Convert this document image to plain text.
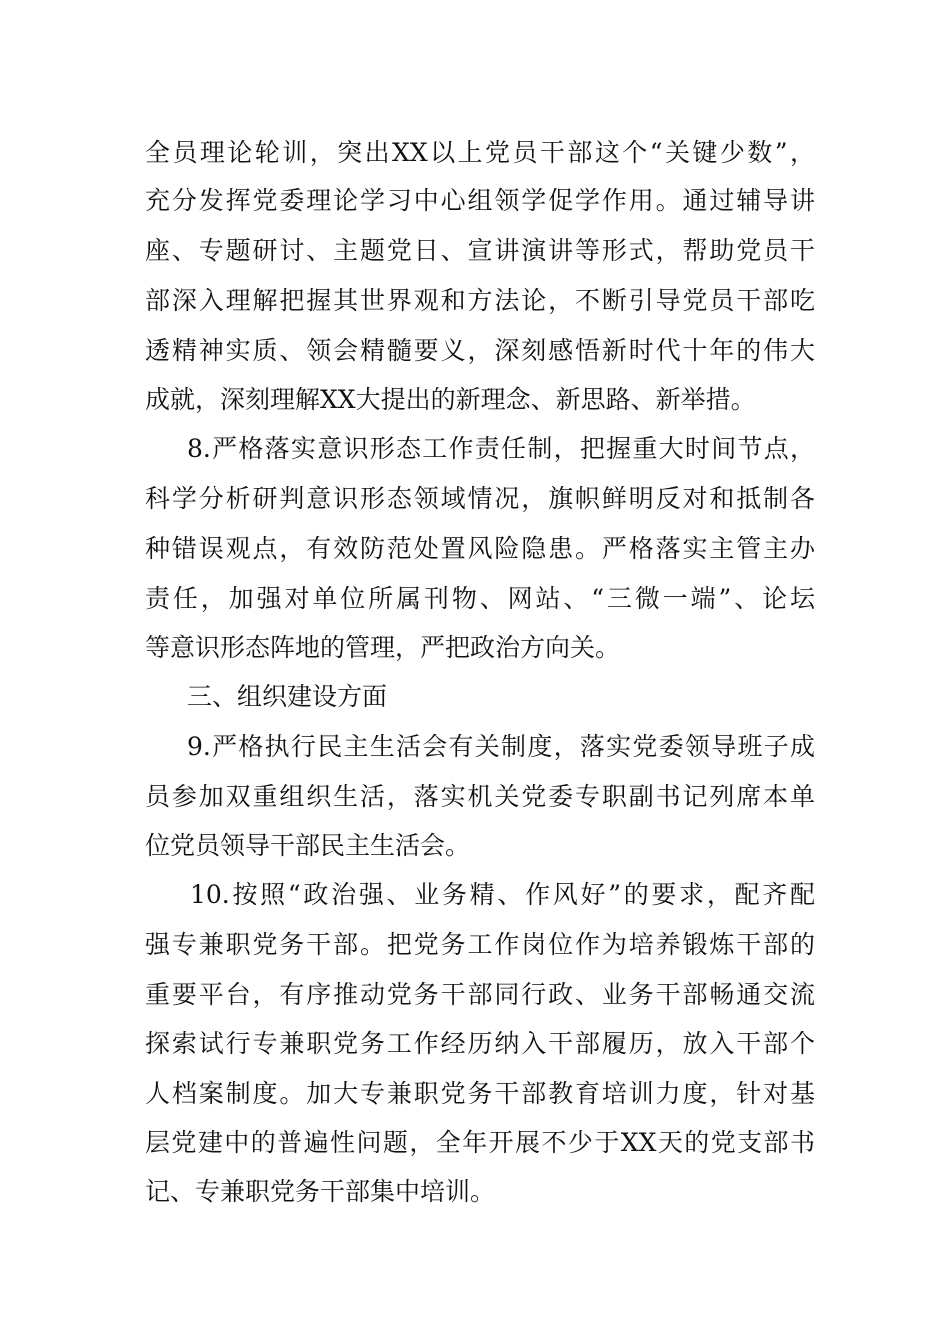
全员理论轮训，突出XX以上党员干部这个“关键少数”，
充分发挥党委理论学习中心组领学促学作用。通过辅导讲
座、专题研讨、主题党日、宣讲演讲等形式，帮助党员干
部深入理解把握其世界观和方法论，不断引导党员干部吃
透精神实质、领会精髓要义，深刻感悟新时代十年的伟大
成就，深刻理解XX大提出的新理念、新思路、新举措。
8.严格落实意识形态工作责任制，把握重大时间节点，
科学分析研判意识形态领域情况，旗帜鲜明反对和抵制各
种错误观点，有效防范处置风险隐患。严格落实主管主办
责任，加强对单位所属刊物、网站、“三微一端”、论坛
等意识形态阵地的管理，严把政治方向关。
三、组织建设方面
9.严格执行民主生活会有关制度，落实党委领导班子成
员参加双重组织生活，落实机关党委专职副书记列席本单
位党员领导干部民主生活会。
10.按照“政治强、业务精、作风好”的要求，配齐配
强专兼职党务干部。把党务工作岗位作为培养锻炼干部的
重要平台，有序推动党务干部同行政、业务干部畅通交流
探索试行专兼职党务工作经历纳入干部履历，放入干部个
人档案制度。加大专兼职党务干部教育培训力度，针对基
层党建中的普遍性问题，全年开展不少于XX天的党支部书
记、专兼职党务干部集中培训。
